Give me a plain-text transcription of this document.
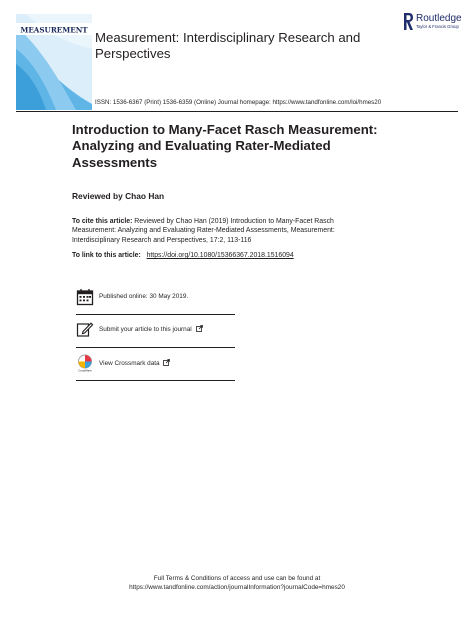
MEASUREMENT Measurement: Interdisciplinary Research and Perspectives
Routledge
Taylor & Francis Group
ISSN: 1536-6367 (Print) 1536-6359 (Online) Journal homepage: https://www.tandfonline.com/loi/hmes20
Introduction to Many-Facet Rasch Measurement: Analyzing and Evaluating Rater-Mediated Assessments
Reviewed by Chao Han
To cite this article: Reviewed by Chao Han (2019) Introduction to Many-Facet Rasch Measurement: Analyzing and Evaluating Rater-Mediated Assessments, Measurement: Interdisciplinary Research and Perspectives, 17:2, 113-116
To link to this article: https://doi.org/10.1080/15366367.2018.1516094
Published online: 30 May 2019.
Submit your article to this journal
CrossMark
View Crossmark data
Full Terms & Conditions of access and use can be found at
https://www.tandfonline.com/action/journalInformation?journalCode=hmes20
